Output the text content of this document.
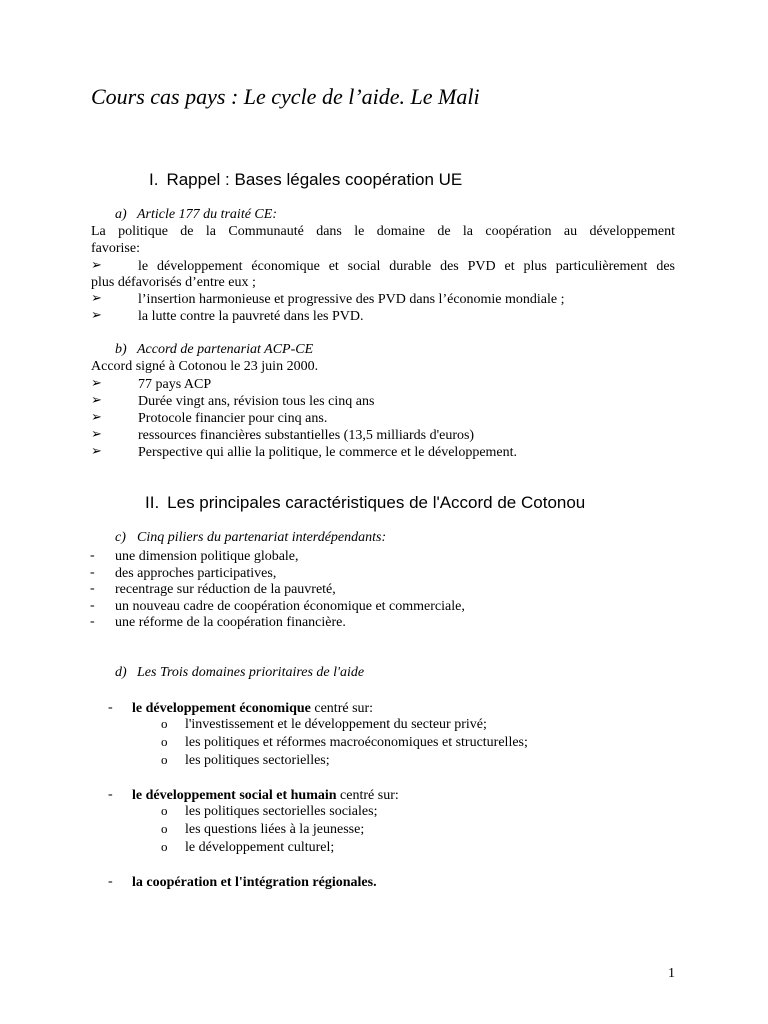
Cours cas pays : Le cycle de l’aide. Le Mali
I. Rappel : Bases légales coopération UE
a) Article 177 du traité CE:
La politique de la Communauté dans le domaine de la coopération au développement
favorise:
➢	le développement économique et social durable des PVD et plus particulièrement des
plus défavorisés d’entre eux ;
➢	l’insertion harmonieuse et progressive des PVD dans l’économie mondiale ;
➢	la lutte contre la pauvreté dans les PVD.
b) Accord de partenariat ACP-CE
Accord signé à Cotonou le 23 juin 2000.
➢	77 pays ACP
➢	Durée vingt ans, révision tous les cinq ans
➢	Protocole financier pour cinq ans.
➢	ressources financières substantielles (13,5 milliards d'euros)
➢	Perspective qui allie la politique, le commerce et le développement.
II. Les principales caractéristiques de l'Accord de Cotonou
c) Cinq piliers du partenariat interdépendants:
- une dimension politique globale,
- des approches participatives,
- recentrage sur réduction de la pauvreté,
- un nouveau cadre de coopération économique et commerciale,
- une réforme de la coopération financière.
d) Les Trois domaines prioritaires de l'aide
- le développement économique centré sur:
o l'investissement et le développement du secteur privé;
o les politiques et réformes macroéconomiques et structurelles;
o les politiques sectorielles;
- le développement social et humain centré sur:
o les politiques sectorielles sociales;
o les questions liées à la jeunesse;
o le développement culturel;
- la coopération et l'intégration régionales.
1
